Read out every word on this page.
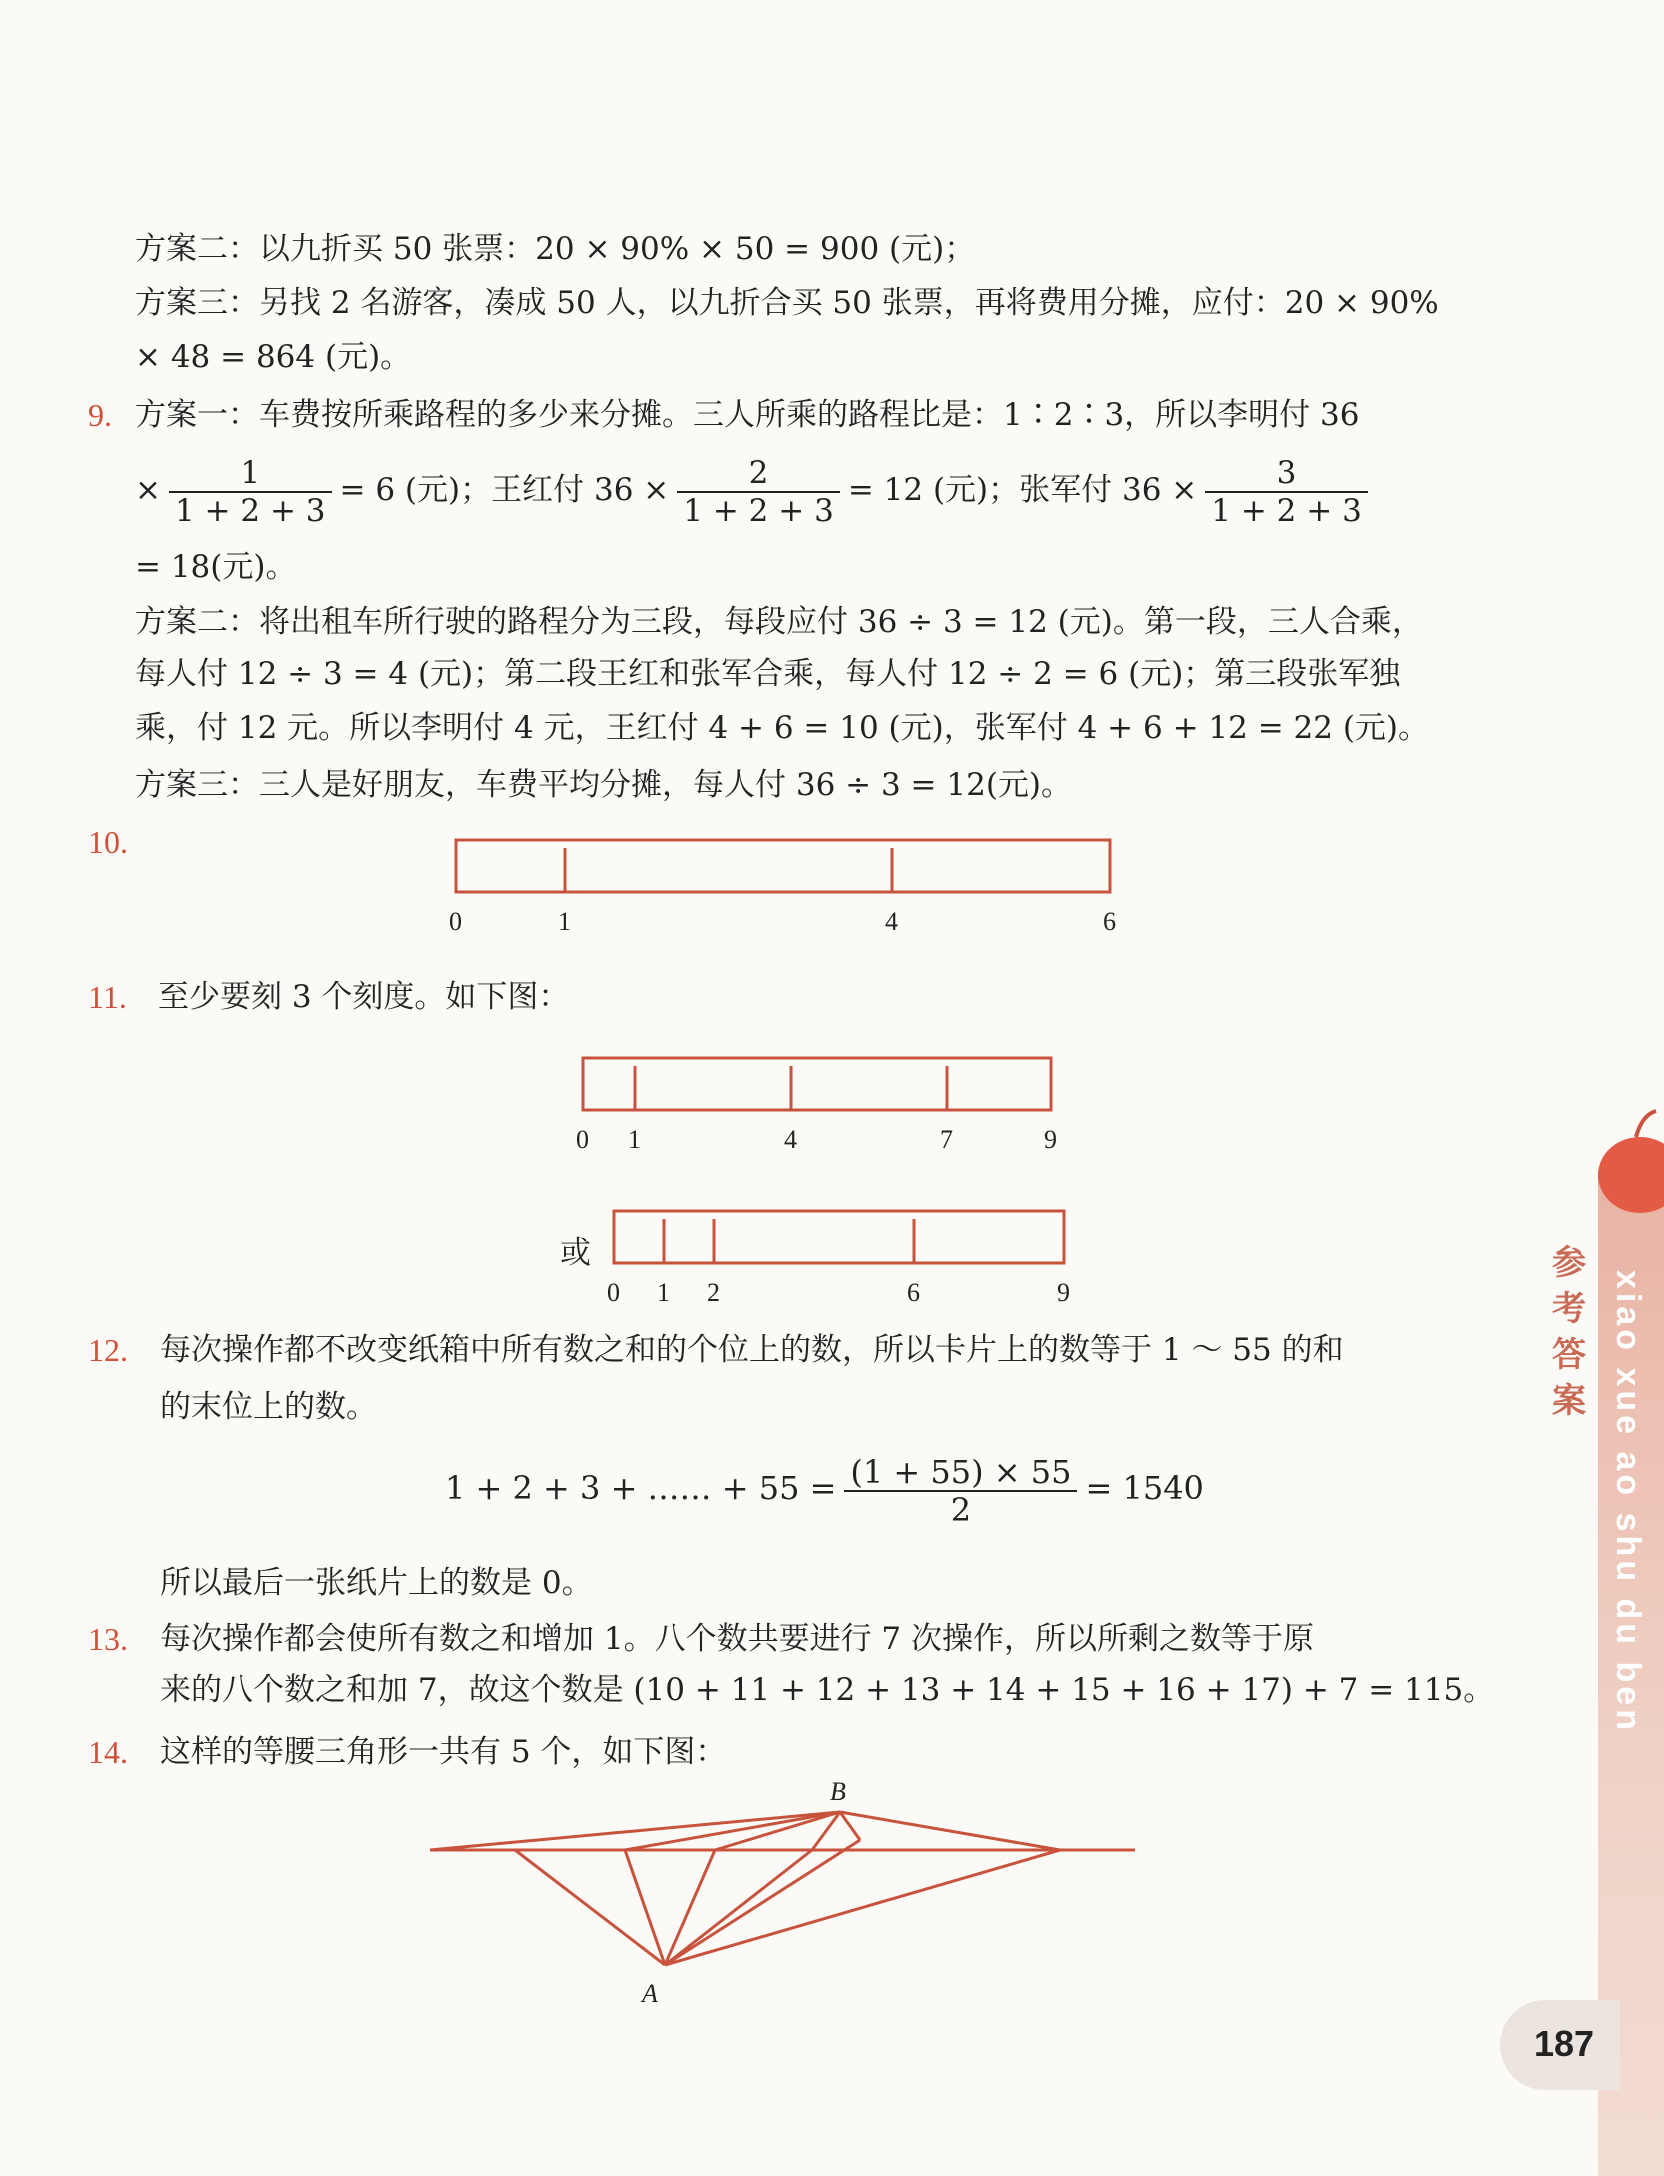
方案二：以九折买 50 张票：20 × 90% × 50 = 900 (元)；
方案三：另找 2 名游客，凑成 50 人，以九折合买 50 张票，再将费用分摊，应付：20 × 90%
× 48 = 864 (元)。
9. 方案一：车费按所乘路程的多少来分摊。三人所乘的路程比是：1∶2∶3，所以李明付 36
× $\frac{1}{1 + 2 + 3} = 6$ (元)；王红付 $36 \times \frac{2}{1 + 2 + 3} = 12$ (元)；张军付 $36 \times \frac{3}{1 + 2 + 3}$
= 18(元)。
方案二：将出租车所行驶的路程分为三段，每段应付 36 ÷ 3 = 12 (元)。第一段，三人合乘，
每人付 12 ÷ 3 = 4 (元)；第二段王红和张军合乘，每人付 12 ÷ 2 = 6 (元)；第三段张军独
乘，付 12 元。所以李明付 4 元，王红付 4 + 6 = 10 (元)，张军付 4 + 6 + 12 = 22 (元)。
方案三：三人是好朋友，车费平均分摊，每人付 36 ÷ 3 = 12(元)。
10.
0	1	4	6
11. 至少要刻 3 个刻度。如下图：
0 1	4	7	9
或
0 1 2	6	9
12. 每次操作都不改变纸箱中所有数之和的个位上的数，所以卡片上的数等于 1 ～ 55 的和
的末位上的数。
1 + 2 + 3 + …… + $55 = \frac{(1 + 55) \times 55}{2} = 1540$
所以最后一张纸片上的数是 0。
13. 每次操作都会使所有数之和增加 1。八个数共要进行 7 次操作，所以所剩之数等于原
来的八个数之和加 7，故这个数是 (10 + 11 + 12 + 13 + 14 + 15 + 16 + 17) + 7 = 115。
14. 这样的等腰三角形一共有 5 个，如下图：
B
A
参
考
答
案 xiao xue ao shu du ben
187
